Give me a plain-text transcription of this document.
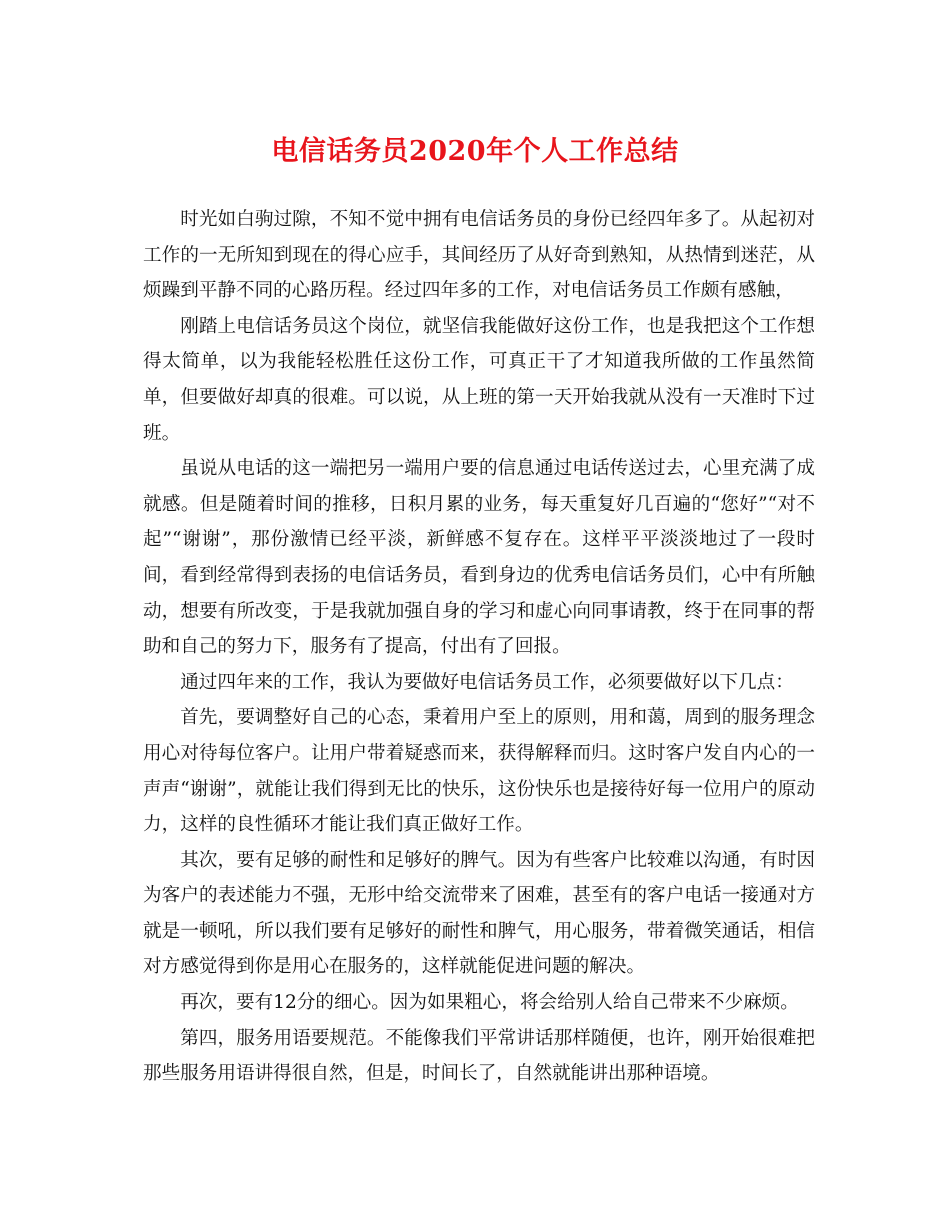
电信话务员2020年个人工作总结

时光如白驹过隙，不知不觉中拥有电信话务员的身份已经四年多了。从起初对工作的一无所知到现在的得心应手，其间经历了从好奇到熟知，从热情到迷茫，从烦躁到平静不同的心路历程。经过四年多的工作，对电信话务员工作颇有感触，

刚踏上电信话务员这个岗位，就坚信我能做好这份工作，也是我把这个工作想得太简单，以为我能轻松胜任这份工作，可真正干了才知道我所做的工作虽然简单，但要做好却真的很难。可以说，从上班的第一天开始我就从没有一天准时下过班。

虽说从电话的这一端把另一端用户要的信息通过电话传送过去，心里充满了成就感。但是随着时间的推移，日积月累的业务，每天重复好几百遍的“您好”“对不起”“谢谢”，那份激情已经平淡，新鲜感不复存在。这样平平淡淡地过了一段时间，看到经常得到表扬的电信话务员，看到身边的优秀电信话务员们，心中有所触动，想要有所改变，于是我就加强自身的学习和虚心向同事请教，终于在同事的帮助和自己的努力下，服务有了提高，付出有了回报。

通过四年来的工作，我认为要做好电信话务员工作，必须要做好以下几点：

首先，要调整好自己的心态，秉着用户至上的原则，用和蔼，周到的服务理念用心对待每位客户。让用户带着疑惑而来，获得解释而归。这时客户发自内心的一声声“谢谢”，就能让我们得到无比的快乐，这份快乐也是接待好每一位用户的原动力，这样的良性循环才能让我们真正做好工作。

其次，要有足够的耐性和足够好的脾气。因为有些客户比较难以沟通，有时因为客户的表述能力不强，无形中给交流带来了困难，甚至有的客户电话一接通对方就是一顿吼，所以我们要有足够好的耐性和脾气，用心服务，带着微笑通话，相信对方感觉得到你是用心在服务的，这样就能促进问题的解决。

再次，要有12分的细心。因为如果粗心，将会给别人给自己带来不少麻烦。

第四，服务用语要规范。不能像我们平常讲话那样随便，也许，刚开始很难把那些服务用语讲得很自然，但是，时间长了，自然就能讲出那种语境。
